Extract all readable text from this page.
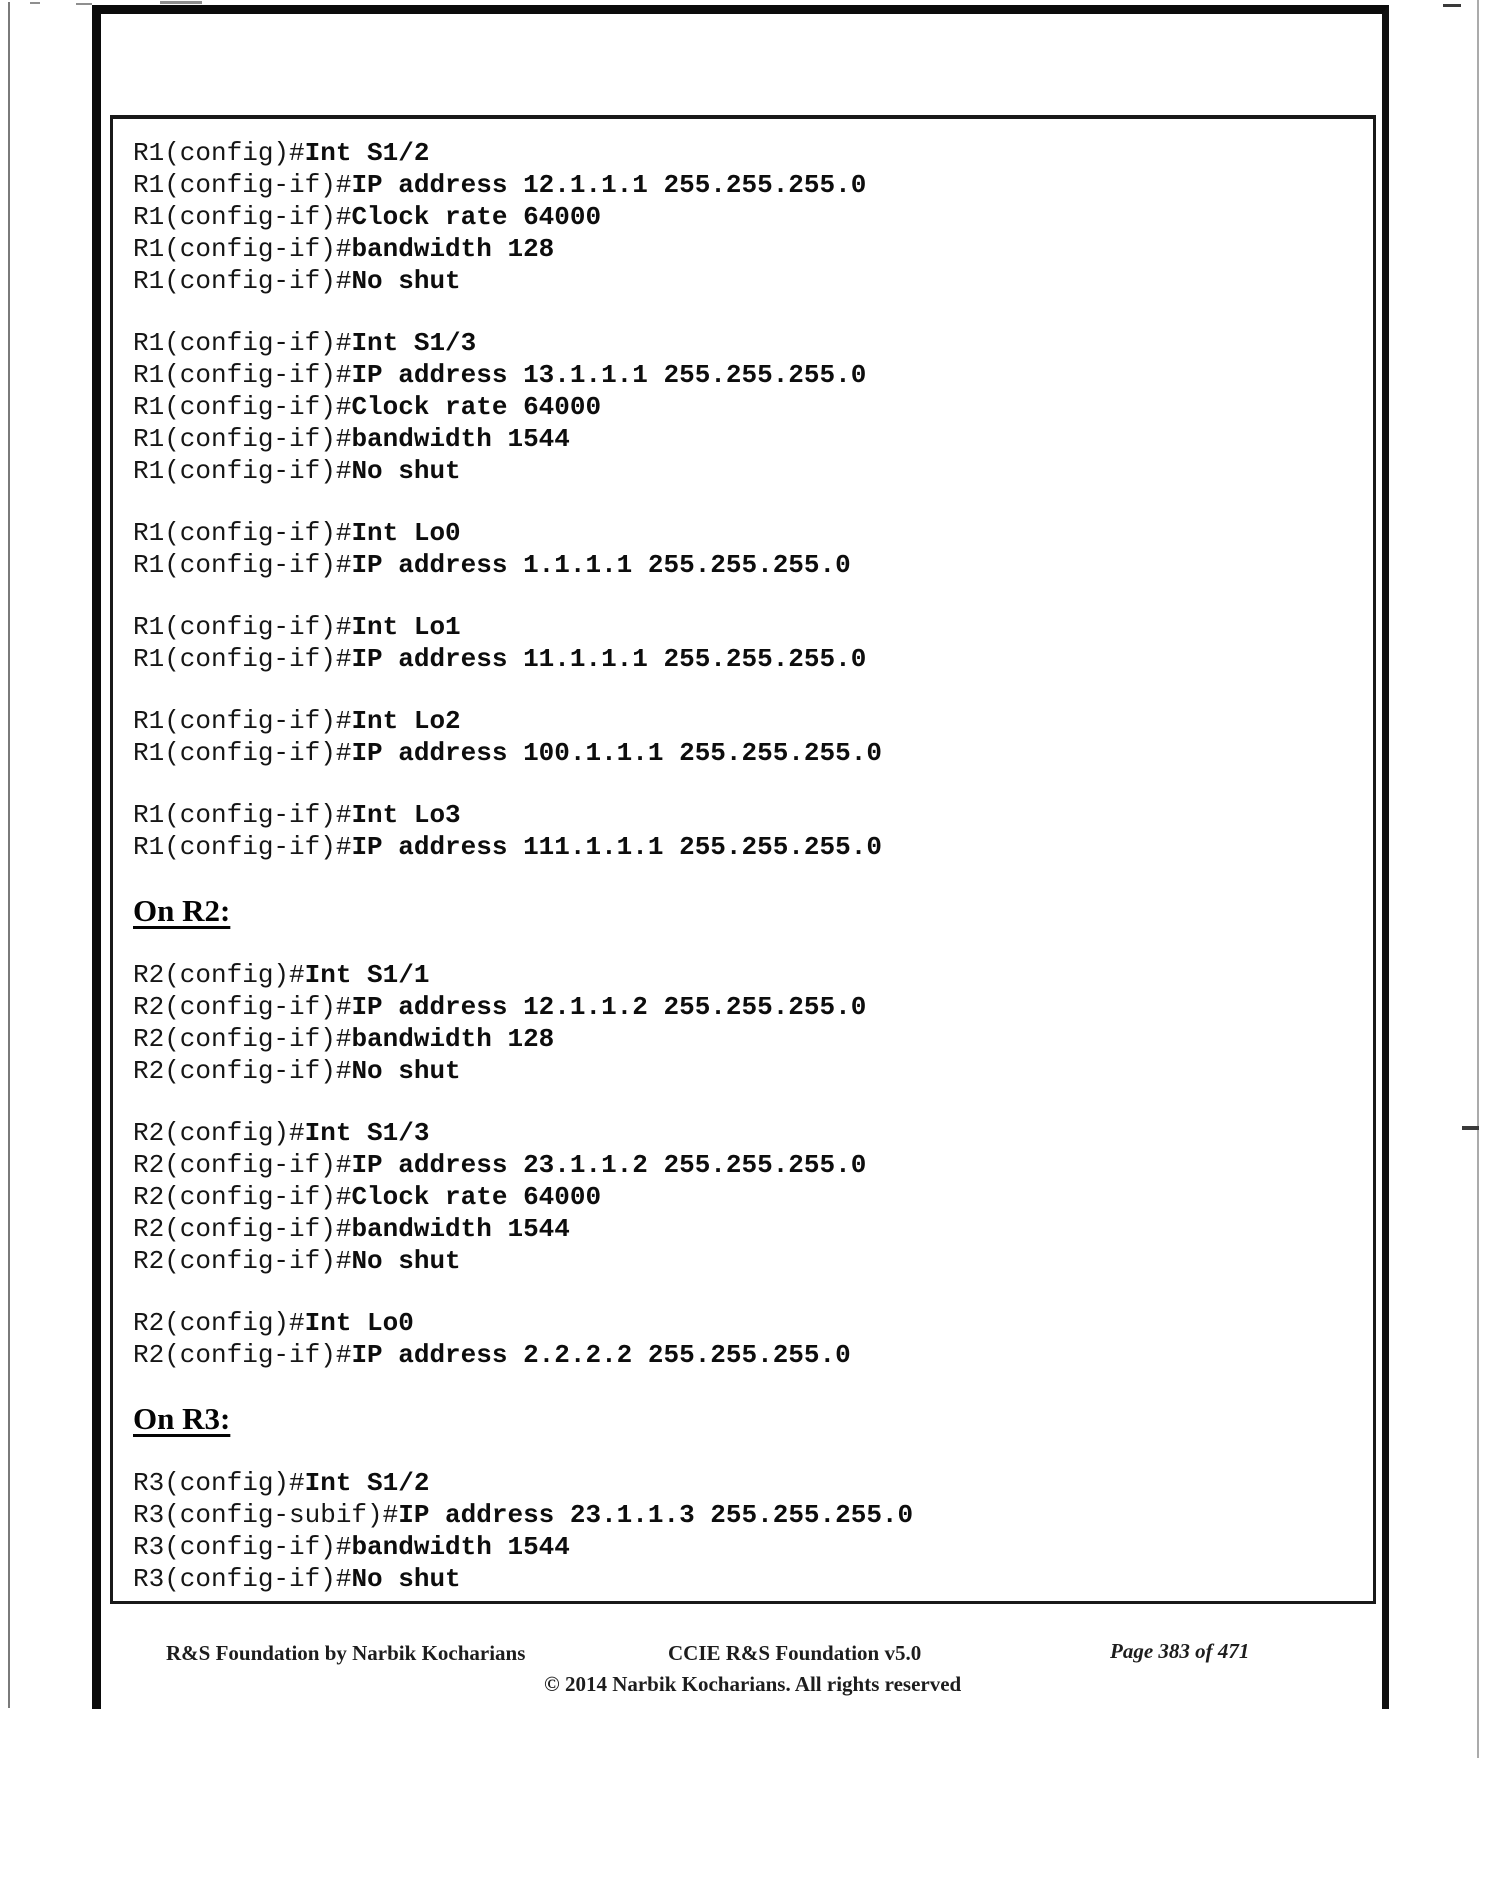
R1(config)#Int S1/2
R1(config-if)#IP address 12.1.1.1 255.255.255.0
R1(config-if)#Clock rate 64000
R1(config-if)#bandwidth 128
R1(config-if)#No shut
R1(config-if)#Int S1/3
R1(config-if)#IP address 13.1.1.1 255.255.255.0
R1(config-if)#Clock rate 64000
R1(config-if)#bandwidth 1544
R1(config-if)#No shut
R1(config-if)#Int Lo0
R1(config-if)#IP address 1.1.1.1 255.255.255.0
R1(config-if)#Int Lo1
R1(config-if)#IP address 11.1.1.1 255.255.255.0
R1(config-if)#Int Lo2
R1(config-if)#IP address 100.1.1.1 255.255.255.0
R1(config-if)#Int Lo3
R1(config-if)#IP address 111.1.1.1 255.255.255.0
On R2:
R2(config)#Int S1/1
R2(config-if)#IP address 12.1.1.2 255.255.255.0
R2(config-if)#bandwidth 128
R2(config-if)#No shut
R2(config)#Int S1/3
R2(config-if)#IP address 23.1.1.2 255.255.255.0
R2(config-if)#Clock rate 64000
R2(config-if)#bandwidth 1544
R2(config-if)#No shut
R2(config)#Int Lo0
R2(config-if)#IP address 2.2.2.2 255.255.255.0
On R3:
R3(config)#Int S1/2
R3(config-subif)#IP address 23.1.1.3 255.255.255.0
R3(config-if)#bandwidth 1544
R3(config-if)#No shut
R&S Foundation by Narbik Kocharians	CCIE R&S Foundation v5.0	Page 383 of 471
© 2014 Narbik Kocharians. All rights reserved
